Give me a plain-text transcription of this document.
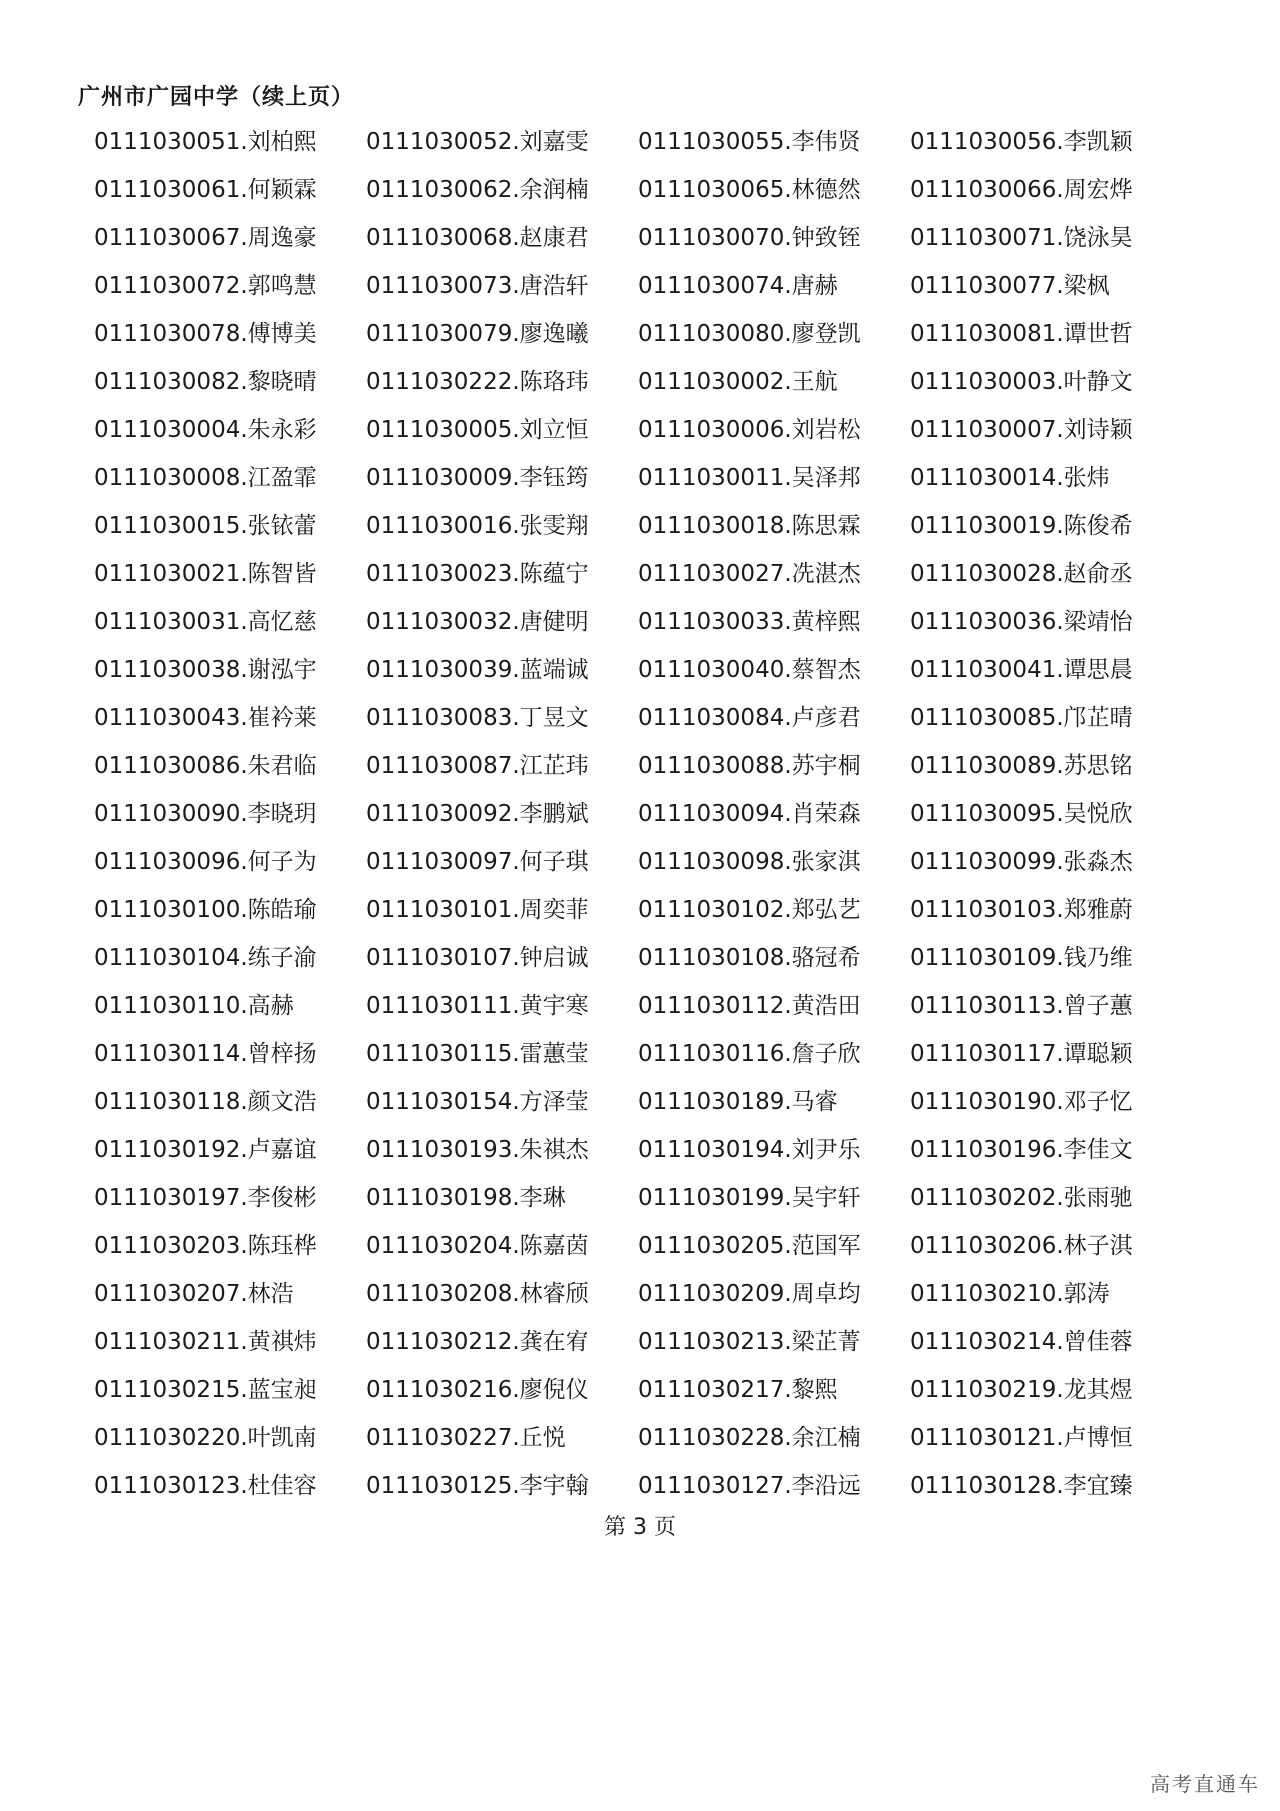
广州市广园中学（续上页）
0111030051.刘柏熙	0111030052.刘嘉雯	0111030055.李伟贤	0111030056.李凯颖
0111030061.何颖霖	0111030062.余润楠	0111030065.林德然	0111030066.周宏烨
0111030067.周逸豪	0111030068.赵康君	0111030070.钟致铚	0111030071.饶泳昊
0111030072.郭鸣慧	0111030073.唐浩轩	0111030074.唐赫	0111030077.梁枫
0111030078.傅博美	0111030079.廖逸曦	0111030080.廖登凯	0111030081.谭世哲
0111030082.黎晓晴	0111030222.陈珞玮	0111030002.王航	0111030003.叶静文
0111030004.朱永彩	0111030005.刘立恒	0111030006.刘岩松	0111030007.刘诗颖
0111030008.江盈霏	0111030009.李钰筠	0111030011.吴泽邦	0111030014.张炜
0111030015.张铱蕾	0111030016.张雯翔	0111030018.陈思霖	0111030019.陈俊希
0111030021.陈智皆	0111030023.陈蕴宁	0111030027.冼湛杰	0111030028.赵俞丞
0111030031.高忆慈	0111030032.唐健明	0111030033.黄梓熙	0111030036.梁靖怡
0111030038.谢泓宇	0111030039.蓝端诚	0111030040.蔡智杰	0111030041.谭思晨
0111030043.崔衿莱	0111030083.丁昱文	0111030084.卢彦君	0111030085.邝芷晴
0111030086.朱君临	0111030087.江芷玮	0111030088.苏宇桐	0111030089.苏思铭
0111030090.李晓玥	0111030092.李鹏斌	0111030094.肖荣森	0111030095.吴悦欣
0111030096.何子为	0111030097.何子琪	0111030098.张家淇	0111030099.张淼杰
0111030100.陈皓瑜	0111030101.周奕菲	0111030102.郑弘艺	0111030103.郑雅蔚
0111030104.练子渝	0111030107.钟启诚	0111030108.骆冠希	0111030109.钱乃维
0111030110.高赫	0111030111.黄宇寒	0111030112.黄浩田	0111030113.曾子蕙
0111030114.曾梓扬	0111030115.雷蕙莹	0111030116.詹子欣	0111030117.谭聪颖
0111030118.颜文浩	0111030154.方泽莹	0111030189.马睿	0111030190.邓子忆
0111030192.卢嘉谊	0111030193.朱祺杰	0111030194.刘尹乐	0111030196.李佳文
0111030197.李俊彬	0111030198.李琳	0111030199.吴宇轩	0111030202.张雨驰
0111030203.陈珏桦	0111030204.陈嘉茵	0111030205.范国军	0111030206.林子淇
0111030207.林浩	0111030208.林睿颀	0111030209.周卓均	0111030210.郭涛
0111030211.黄祺炜	0111030212.龚在宥	0111030213.梁芷菁	0111030214.曾佳蓉
0111030215.蓝宝昶	0111030216.廖倪仪	0111030217.黎熙	0111030219.龙其煜
0111030220.叶凯南	0111030227.丘悦	0111030228.余江楠	0111030121.卢博恒
0111030123.杜佳容	0111030125.李宇翰	0111030127.李沿远	0111030128.李宜臻
第 3 页
高考直通车
